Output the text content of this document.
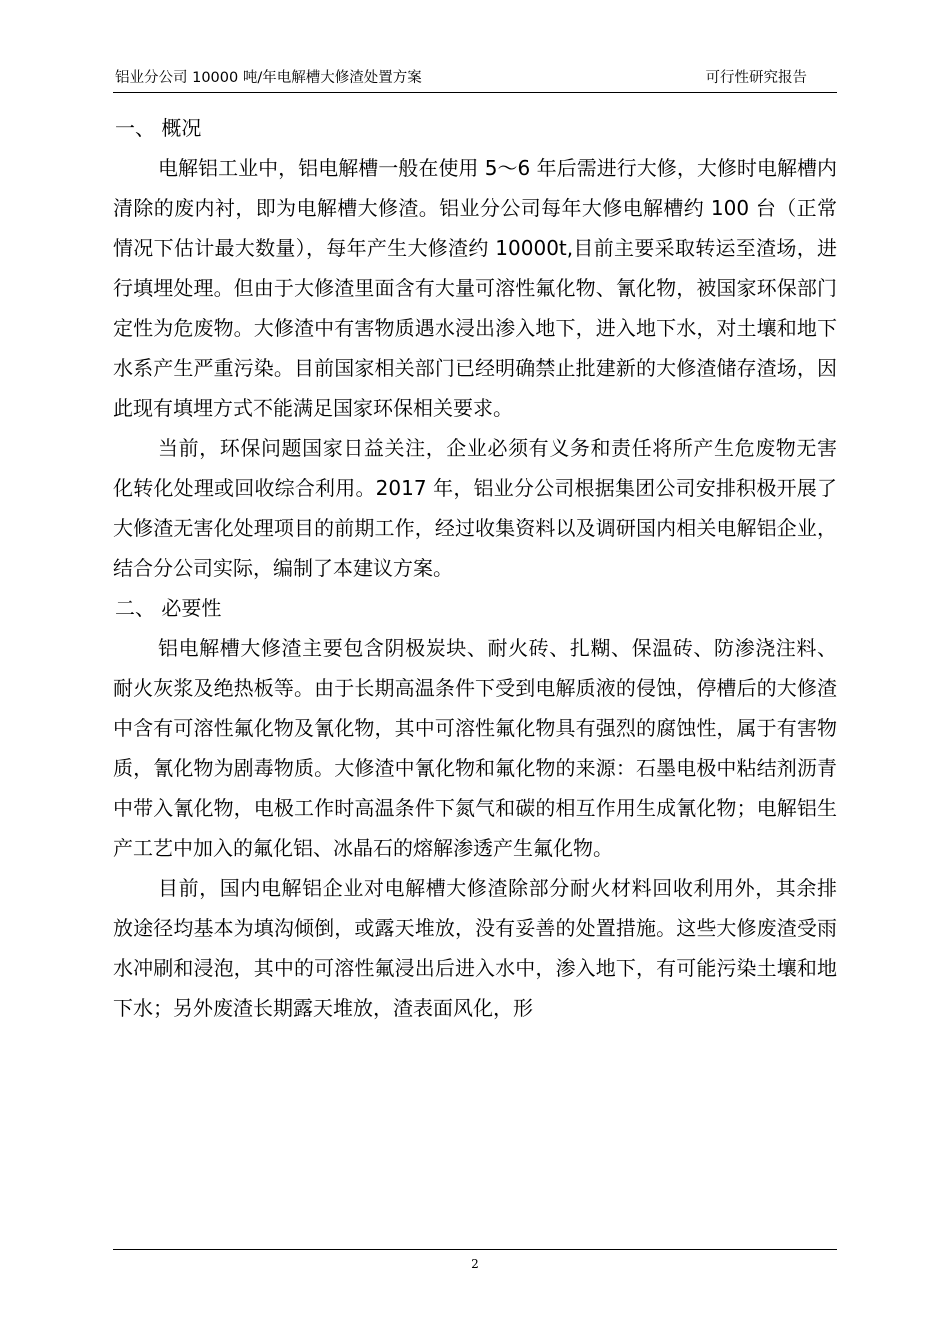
铝业分公司 10000 吨/年电解槽大修渣处置方案	可行性研究报告
一、 概况

电解铝工业中，铝电解槽一般在使用 5～6 年后需进行大修，大修时电解槽内清除的废内衬，即为电解槽大修渣。铝业分公司每年大修电解槽约 100 台（正常情况下估计最大数量），每年产生大修渣约 10000t,目前主要采取转运至渣场，进行填埋处理。但由于大修渣里面含有大量可溶性氟化物、氰化物，被国家环保部门定性为危废物。大修渣中有害物质遇水浸出渗入地下，进入地下水，对土壤和地下水系产生严重污染。目前国家相关部门已经明确禁止批建新的大修渣储存渣场，因此现有填埋方式不能满足国家环保相关要求。

当前，环保问题国家日益关注，企业必须有义务和责任将所产生危废物无害化转化处理或回收综合利用。2017 年，铝业分公司根据集团公司安排积极开展了大修渣无害化处理项目的前期工作，经过收集资料以及调研国内相关电解铝企业，结合分公司实际，编制了本建议方案。

二、 必要性

铝电解槽大修渣主要包含阴极炭块、耐火砖、扎糊、保温砖、防渗浇注料、耐火灰浆及绝热板等。由于长期高温条件下受到电解质液的侵蚀，停槽后的大修渣中含有可溶性氟化物及氰化物，其中可溶性氟化物具有强烈的腐蚀性，属于有害物质，氰化物为剧毒物质。大修渣中氰化物和氟化物的来源：石墨电极中粘结剂沥青中带入氰化物，电极工作时高温条件下氮气和碳的相互作用生成氰化物；电解铝生产工艺中加入的氟化铝、冰晶石的熔解渗透产生氟化物。

目前，国内电解铝企业对电解槽大修渣除部分耐火材料回收利用外，其余排放途径均基本为填沟倾倒，或露天堆放，没有妥善的处置措施。这些大修废渣受雨水冲刷和浸泡，其中的可溶性氟浸出后进入水中，渗入地下，有可能污染土壤和地下水；另外废渣长期露天堆放，渣表面风化，形

2
